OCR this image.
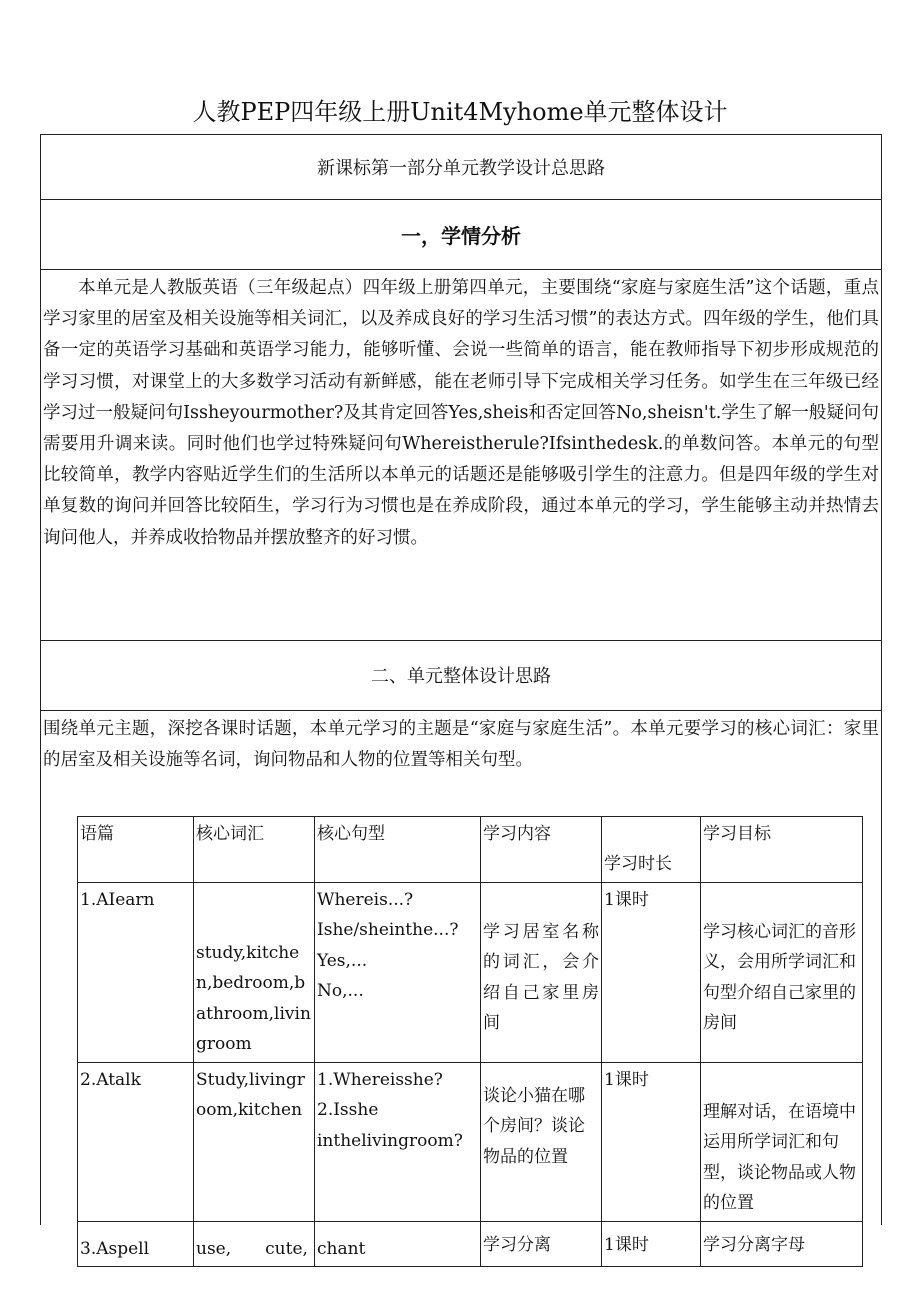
人教PEP四年级上册Unit4Myhome单元整体设计
新课标第一部分单元教学设计总思路
一，学情分析

本单元是人教版英语（三年级起点）四年级上册第四单元，主要围绕“家庭与家庭生活”这个话题，重点学习家里的居室及相关设施等相关词汇，以及养成良好的学习生活习惯”的表达方式。四年级的学生，他们具备一定的英语学习基础和英语学习能力，能够听懂、会说一些简单的语言，能在教师指导下初步形成规范的学习习惯，对课堂上的大多数学习活动有新鲜感，能在老师引导下完成相关学习任务。如学生在三年级已经学习过一般疑问句Issheyourmother?及其肯定回答Yes,sheis和否定回答No,sheisn't.学生了解一般疑问句需要用升调来读。同时他们也学过特殊疑问句Whereistherule?Ifsinthedesk.的单数问答。本单元的句型比较简单，教学内容贴近学生们的生活所以本单元的话题还是能够吸引学生的注意力。但是四年级的学生对单复数的询问并回答比较陌生，学习行为习惯也是在养成阶段，通过本单元的学习，学生能够主动并热情去询问他人，并养成收拾物品并摆放整齐的好习惯。

二、单元整体设计思路

围绕单元主题，深挖各课时话题，本单元学习的主题是“家庭与家庭生活”。本单元要学习的核心词汇：家里的居室及相关设施等名词，询问物品和人物的位置等相关句型。

语篇	核心词汇	核心句型	学习内容	学习时长	学习目标
1.AIearn	study,kitchen,bedroom,bathroom,livingroom	Whereis...?
Ishe/sheinthe...?
Yes,...
No,...	学习居室名称的词汇，会介绍自己家里房间	1课时	学习核心词汇的音形义，会用所学词汇和句型介绍自己家里的房间
2.Atalk	Study,livingroom,kitchen	1.Whereisshe?2.Isshe
inthelivingroom?	谈论小猫在哪个房间？谈论物品的位置	1课时	理解对话，在语境中运用所学词汇和句型，谈论物品或人物的位置
3.Aspell	use,　　cute,	chant	学习分离	1课时	学习分离字母
